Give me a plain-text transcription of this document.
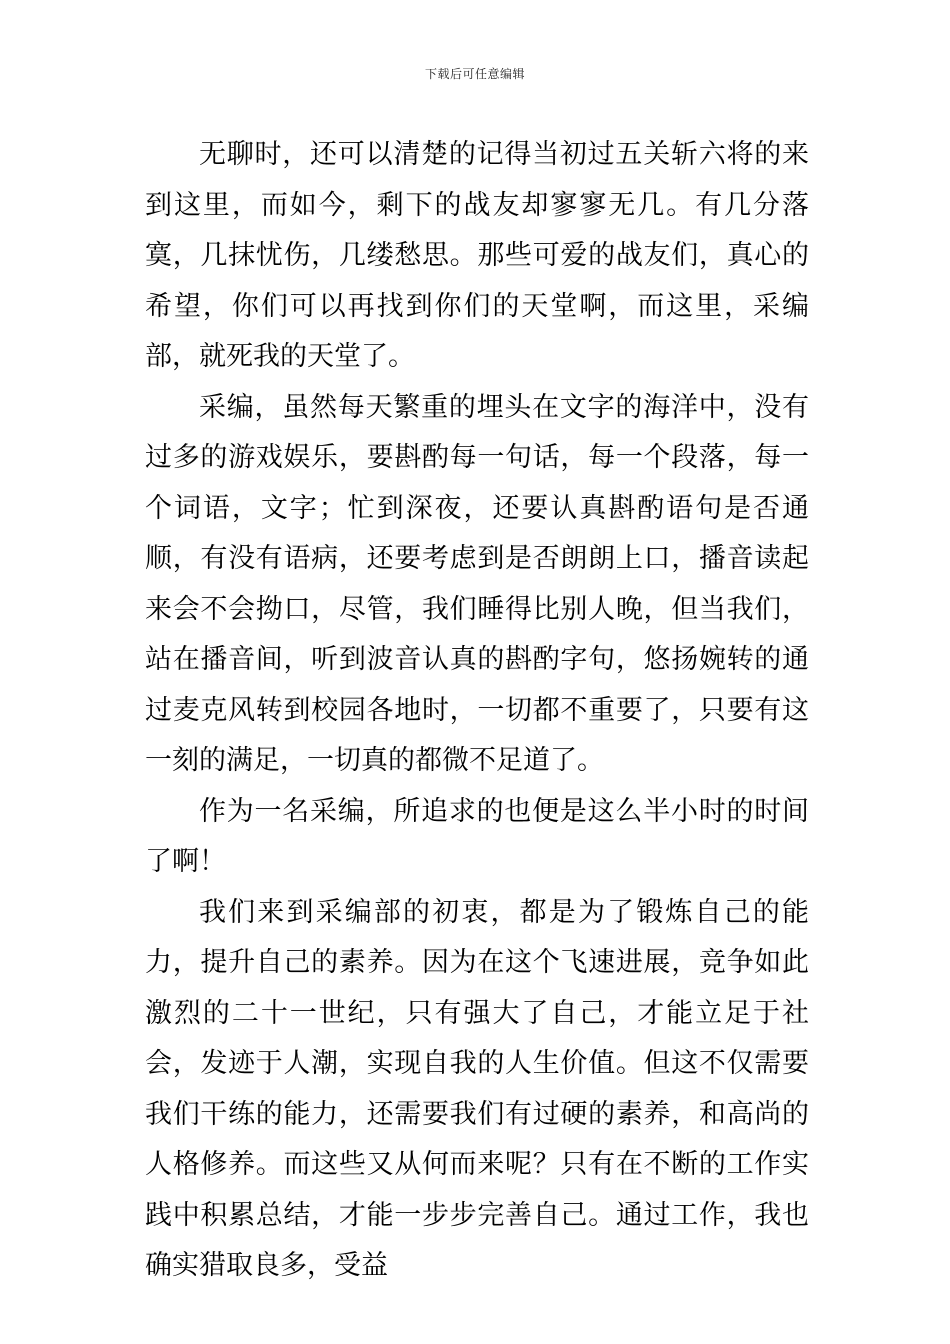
下载后可任意编辑

无聊时，还可以清楚的记得当初过五关斩六将的来到这里，而如今，剩下的战友却寥寥无几。有几分落寞，几抹忧伤，几缕愁思。那些可爱的战友们，真心的希望，你们可以再找到你们的天堂啊，而这里，采编部，就死我的天堂了。

采编，虽然每天繁重的埋头在文字的海洋中，没有过多的游戏娱乐，要斟酌每一句话，每一个段落，每一个词语，文字；忙到深夜，还要认真斟酌语句是否通顺，有没有语病，还要考虑到是否朗朗上口，播音读起来会不会拗口，尽管，我们睡得比别人晚，但当我们，站在播音间，听到波音认真的斟酌字句，悠扬婉转的通过麦克风转到校园各地时，一切都不重要了，只要有这一刻的满足，一切真的都微不足道了。

作为一名采编，所追求的也便是这么半小时的时间了啊！

我们来到采编部的初衷，都是为了锻炼自己的能力，提升自己的素养。因为在这个飞速进展，竞争如此激烈的二十一世纪，只有强大了自己，才能立足于社会，发迹于人潮，实现自我的人生价值。但这不仅需要我们干练的能力，还需要我们有过硬的素养，和高尚的人格修养。而这些又从何而来呢？只有在不断的工作实践中积累总结，才能一步步完善自己。通过工作，我也确实猎取良多，受益
